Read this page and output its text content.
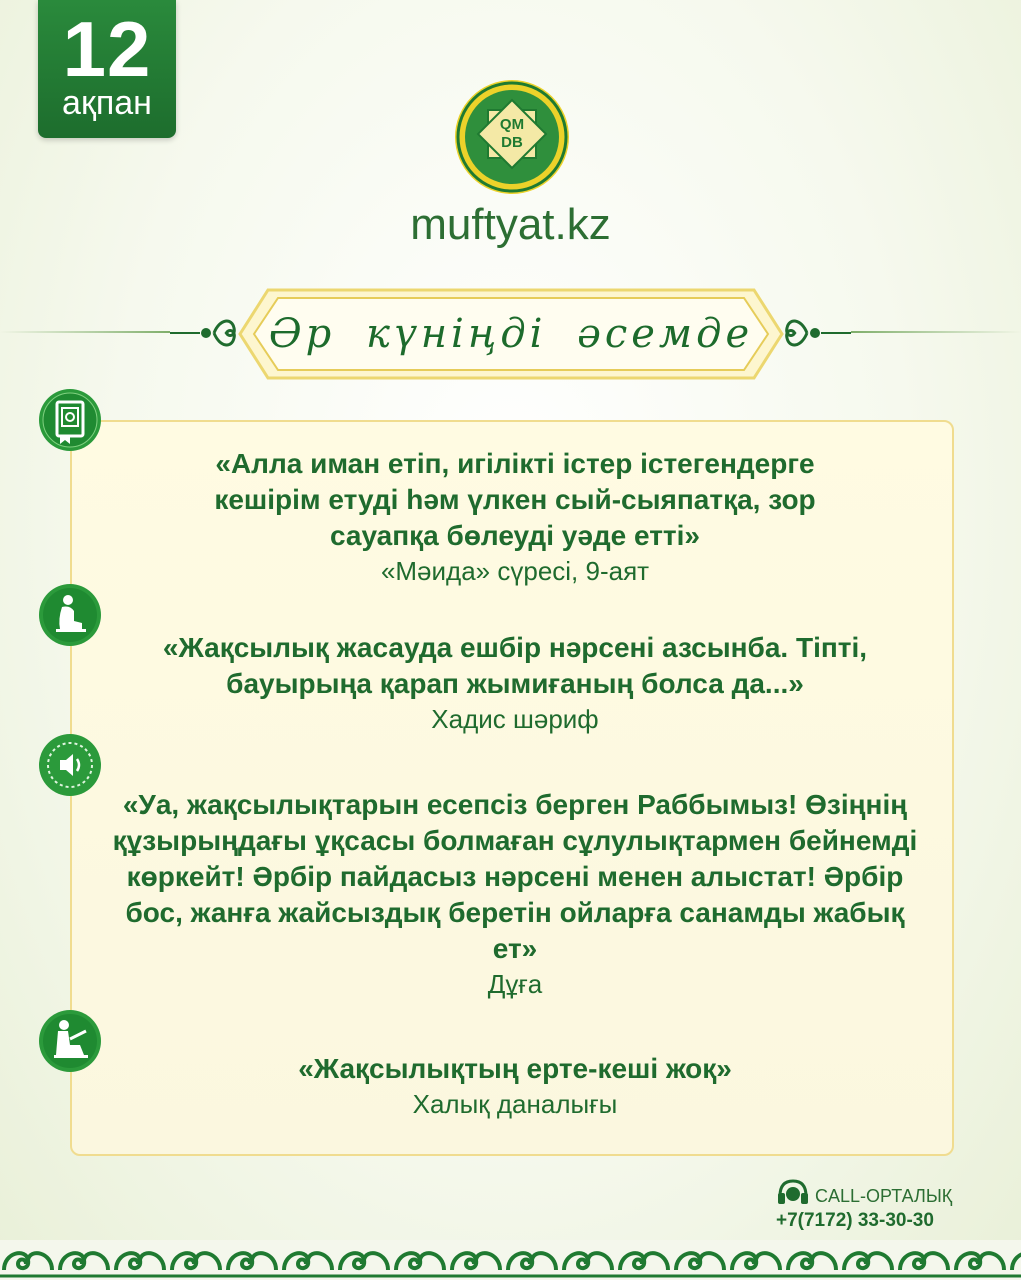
12
ақпан
QM
DB
muftyat.kz
Әр күніңді әсемде
«Алла иман етіп, игілікті істер істегендерге кешірім етуді һәм үлкен сый-сыяпатқа, зор сауапқа бөлеуді уәде етті»
«Мәида» сүресі, 9-аят
«Жақсылық жасауда ешбір нәрсені азсынба. Тіпті, бауырыңа қарап жымиғаның болса да...»
Хадис шәриф
«Уа, жақсылықтарын есепсіз берген Раббымыз! Өзіңнің құзырыңдағы ұқсасы болмаған сұлулықтармен бейнемді көркейт! Әрбір пайдасыз нәрсені менен алыстат! Әрбір бос, жанға жайсыздық беретін ойларға санамды жабық ет»
Дұға
«Жақсылықтың ерте-кеші жоқ»
Халық даналығы
CALL-ОРТАЛЫҚ
+7(7172) 33-30-30
